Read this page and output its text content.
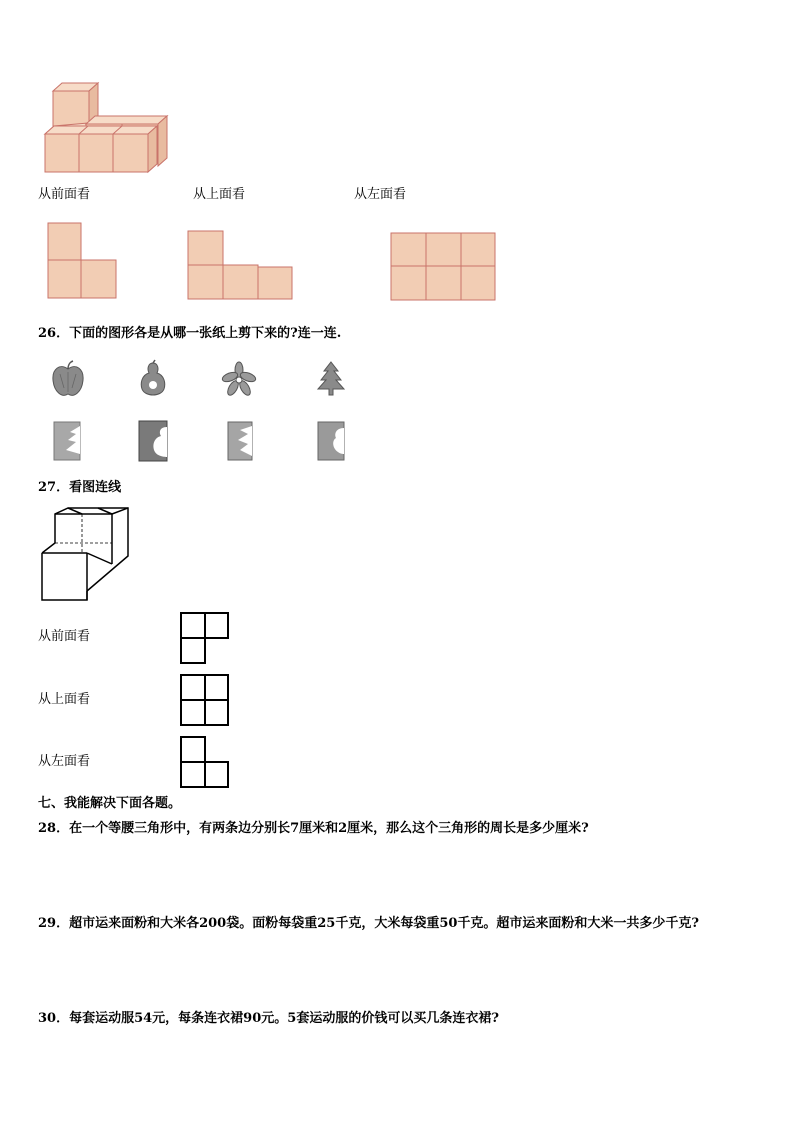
从前面看	从上面看	从左面看
26．下面的图形各是从哪一张纸上剪下来的?连一连.
27．看图连线
从前面看
从上面看
从左面看
七、我能解决下面各题。
28．在一个等腰三角形中，有两条边分别长7厘米和2厘米，那么这个三角形的周长是多少厘米?
29．超市运来面粉和大米各200袋。面粉每袋重25千克，大米每袋重50千克。超市运来面粉和大米一共多少千克?
30．每套运动服54元，每条连衣裙90元。5套运动服的价钱可以买几条连衣裙?
